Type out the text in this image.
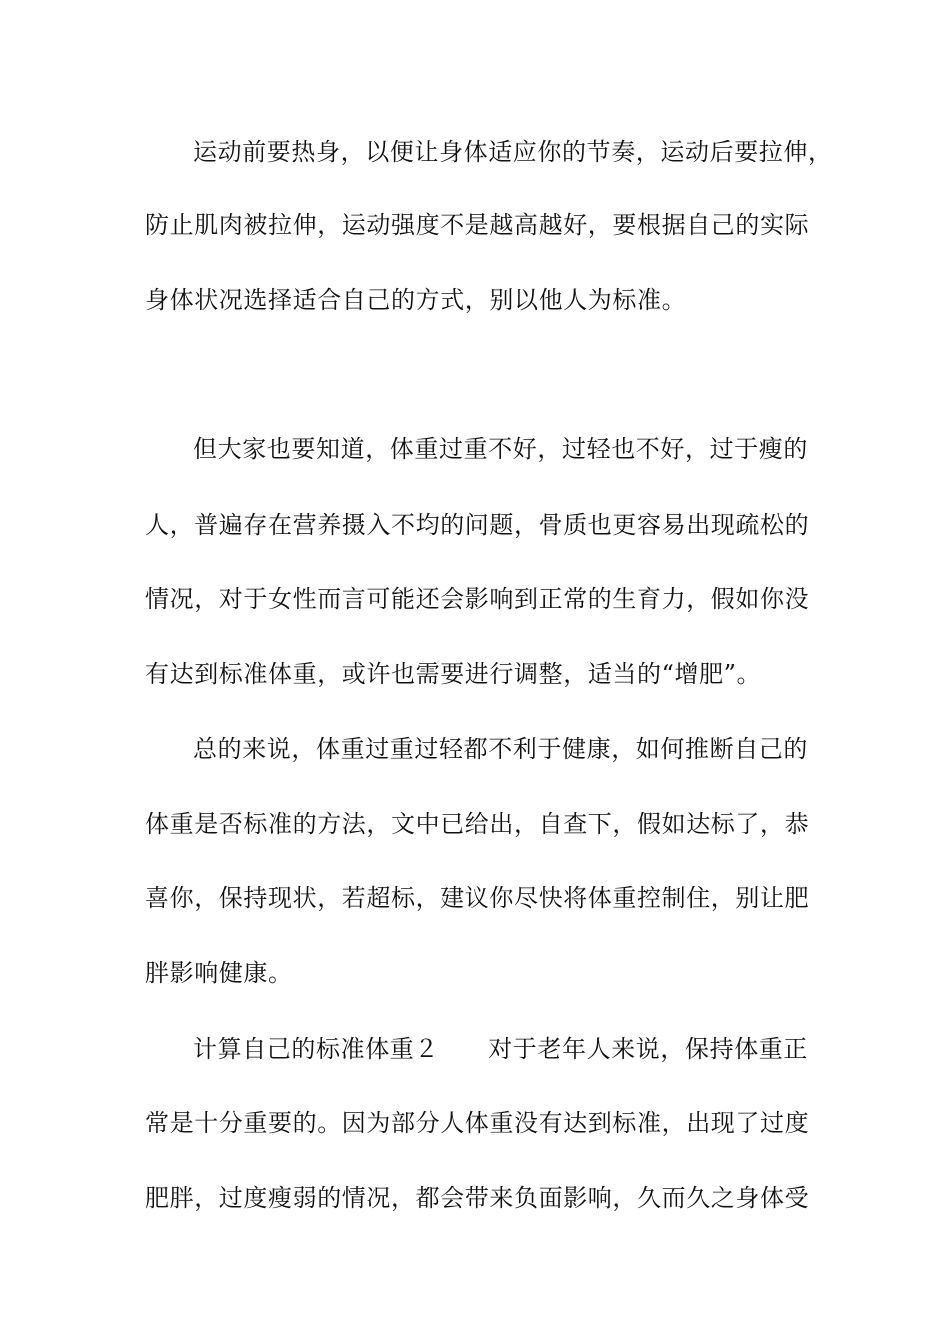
运动前要热身，以便让身体适应你的节奏，运动后要拉伸，
防止肌肉被拉伸，运动强度不是越高越好，要根据自己的实际
身体状况选择适合自己的方式，别以他人为标准。
但大家也要知道，体重过重不好，过轻也不好，过于瘦的
人，普遍存在营养摄入不均的问题，骨质也更容易出现疏松的
情况，对于女性而言可能还会影响到正常的生育力，假如你没
有达到标准体重，或许也需要进行调整，适当的“增肥”。
总的来说，体重过重过轻都不利于健康，如何推断自己的
体重是否标准的方法，文中已给出，自查下，假如达标了，恭
喜你，保持现状，若超标，建议你尽快将体重控制住，别让肥
胖影响健康。
计算自己的标准体重２　　对于老年人来说，保持体重正
常是十分重要的。因为部分人体重没有达到标准，出现了过度
肥胖，过度瘦弱的情况，都会带来负面影响，久而久之身体受
